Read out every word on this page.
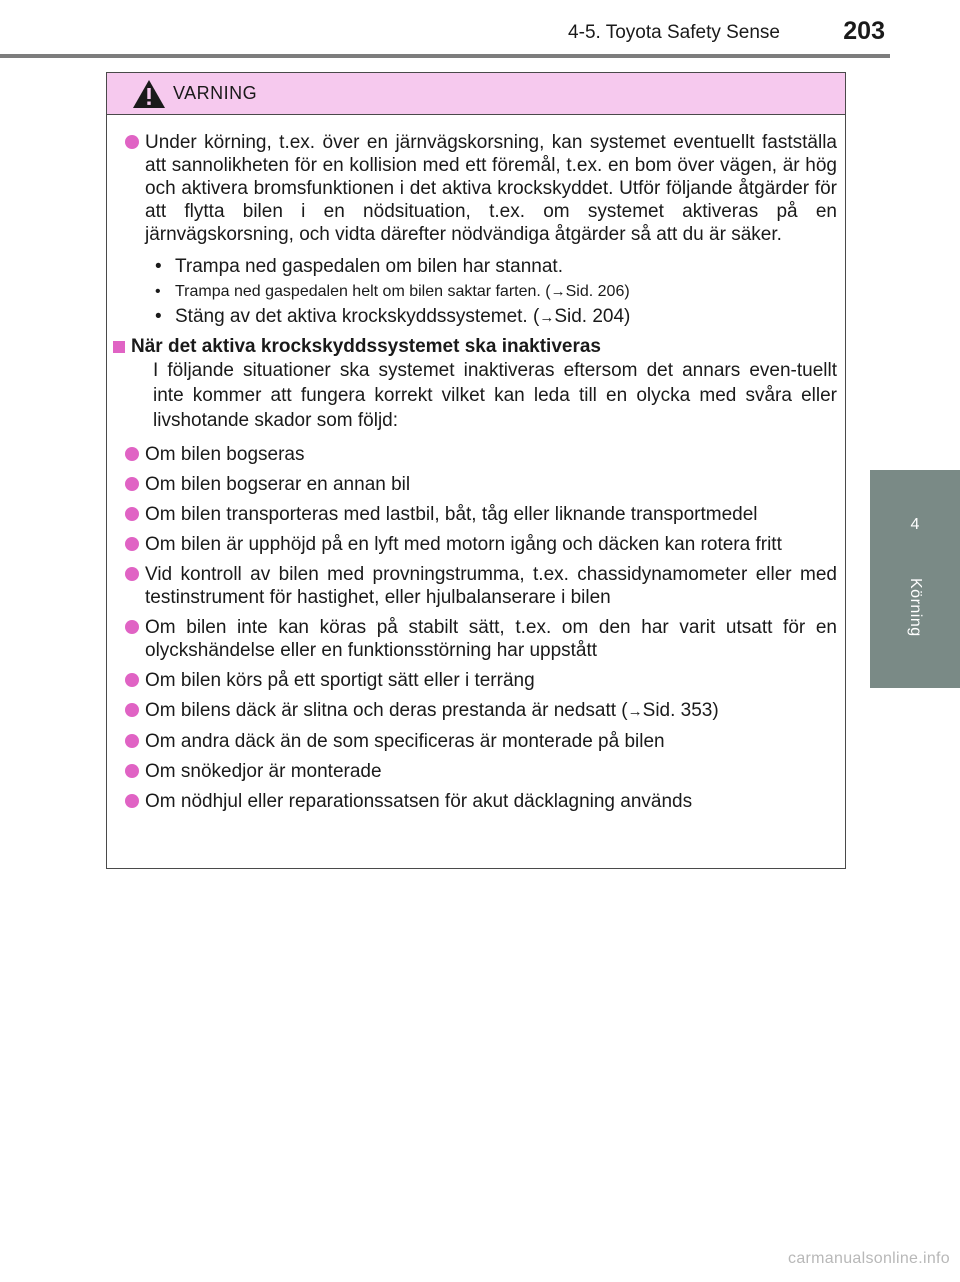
4-5. Toyota Safety Sense	203
4
Körning
VARNING
Under körning, t.ex. över en järnvägskorsning, kan systemet eventuellt fastställa att sannolikheten för en kollision med ett föremål, t.ex. en bom över vägen, är hög och aktivera bromsfunktionen i det aktiva krockskyddet. Utför följande åtgärder för att flytta bilen i en nödsituation, t.ex. om systemet aktiveras på en järnvägskorsning, och vidta därefter nödvändiga åtgärder så att du är säker.
• Trampa ned gaspedalen om bilen har stannat.
• Trampa ned gaspedalen helt om bilen saktar farten. (→Sid. 206)
• Stäng av det aktiva krockskyddssystemet. (→Sid. 204)
När det aktiva krockskyddssystemet ska inaktiveras
I följande situationer ska systemet inaktiveras eftersom det annars even-tuellt inte kommer att fungera korrekt vilket kan leda till en olycka med svåra eller livshotande skador som följd:
Om bilen bogseras
Om bilen bogserar en annan bil
Om bilen transporteras med lastbil, båt, tåg eller liknande transportmedel
Om bilen är upphöjd på en lyft med motorn igång och däcken kan rotera fritt
Vid kontroll av bilen med provningstrumma, t.ex. chassidynamometer eller med testinstrument för hastighet, eller hjulbalanserare i bilen
Om bilen inte kan köras på stabilt sätt, t.ex. om den har varit utsatt för en olyckshändelse eller en funktionsstörning har uppstått
Om bilen körs på ett sportigt sätt eller i terräng
Om bilens däck är slitna och deras prestanda är nedsatt (→Sid. 353)
Om andra däck än de som specificeras är monterade på bilen
Om snökedjor är monterade
Om nödhjul eller reparationssatsen för akut däcklagning används
carmanualsonline.info
